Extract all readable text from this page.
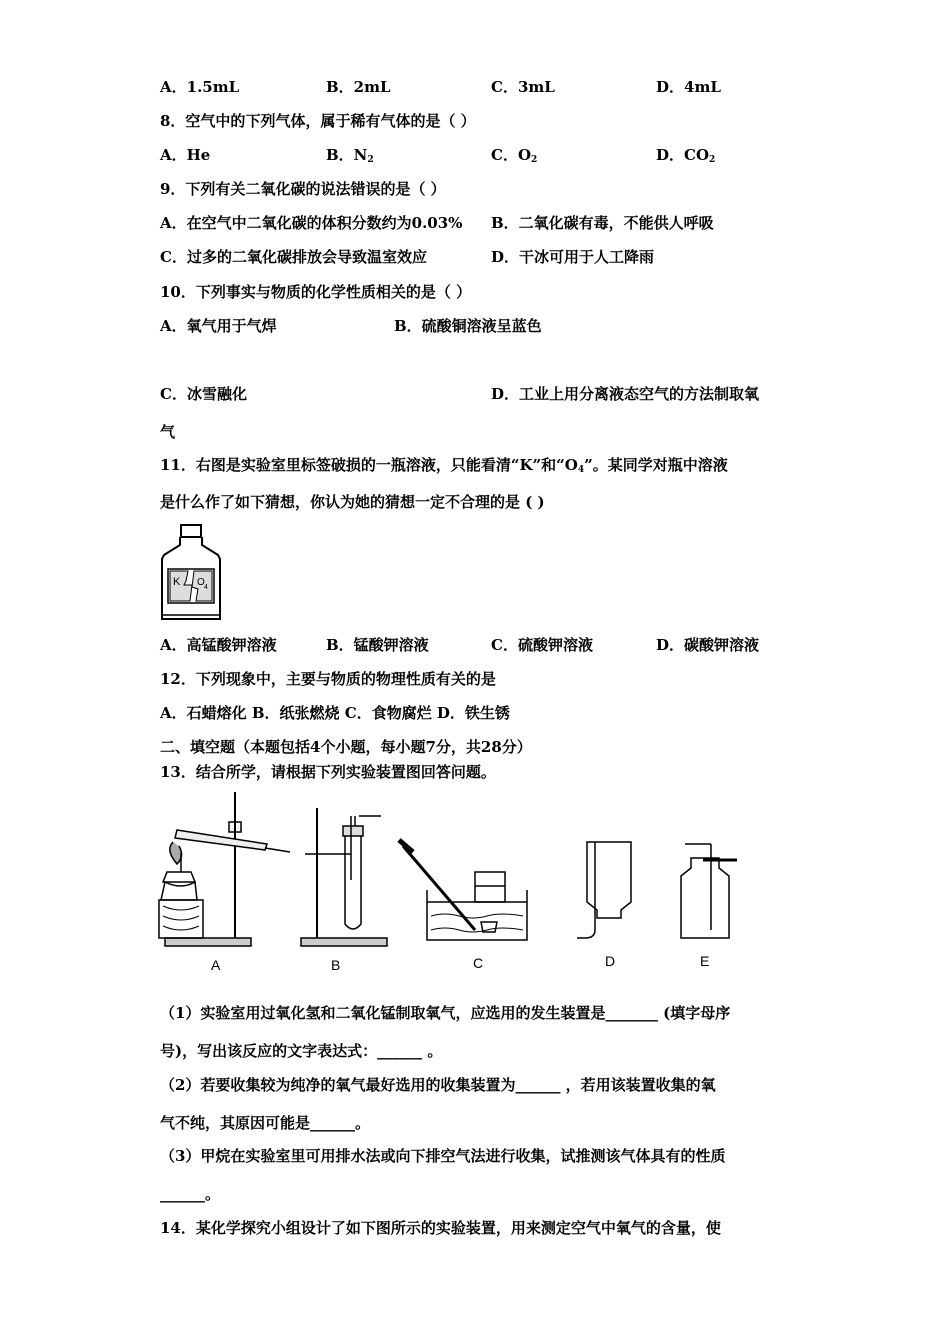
A．1.5mL	B．2mL	C．3mL	D．4mL
8．空气中的下列气体，属于稀有气体的是（ ）
A．He	B．$N_2$	C．$O_2$	D．$CO_2$
9．下列有关二氧化碳的说法错误的是（ ）
A．在空气中二氧化碳的体积分数约为0.03% B．二氧化碳有毒，不能供人呼吸
C．过多的二氧化碳排放会导致温室效应	D．干冰可用于人工降雨
10．下列事实与物质的化学性质相关的是（ ）
A．氧气用于气焊	B．硫酸铜溶液呈蓝色
C．冰雪融化	D．工业上用分离液态空气的方法制取氧
气
11．右图是实验室里标签破损的一瓶溶液，只能看清“K”和“$O_4$”。某同学对瓶中溶液
是什么作了如下猜想，你认为她的猜想一定不合理的是 ( )
K O 4
A．高锰酸钾溶液	B．锰酸钾溶液	C．硫酸钾溶液	D．碳酸钾溶液
12．下列现象中，主要与物质的物理性质有关的是
A．石蜡熔化 B．纸张燃烧 C．食物腐烂 D．铁生锈
二、填空题（本题包括4个小题，每小题7分，共28分）
13．结合所学，请根据下列实验装置图回答问题。
A	B	C	D	E
（1）实验室用过氧化氢和二氧化锰制取氧气，应选用的发生装置是_______ (填字母序
号)，写出该反应的文字表达式：______ 。
（2）若要收集较为纯净的氧气最好选用的收集装置为______ ，若用该装置收集的氧
气不纯，其原因可能是______。
（3）甲烷在实验室里可用排水法或向下排空气法进行收集，试推测该气体具有的性质
______。
14．某化学探究小组设计了如下图所示的实验装置，用来测定空气中氧气的含量，使
